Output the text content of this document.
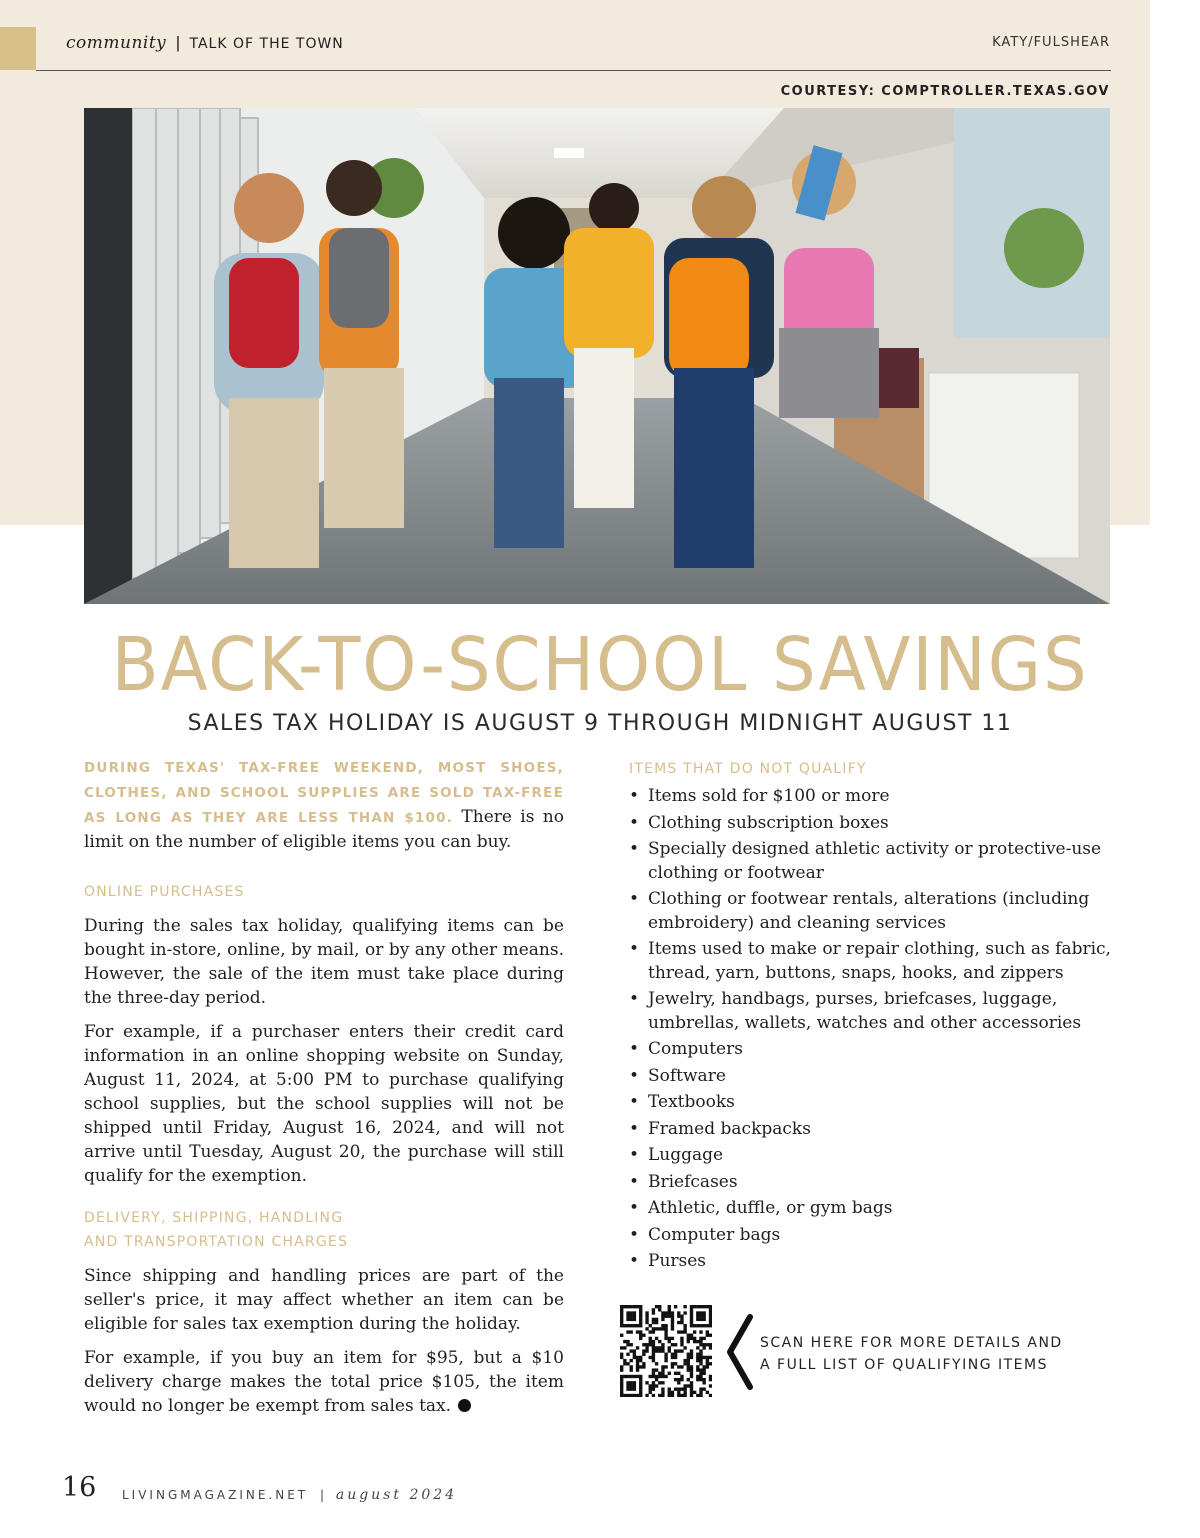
community | TALK OF THE TOWN	KATY/FULSHEAR
COURTESY: COMPTROLLER.TEXAS.GOV
BACK-TO-SCHOOL SAVINGS
SALES TAX HOLIDAY IS AUGUST 9 THROUGH MIDNIGHT AUGUST 11

DURING TEXAS' TAX-FREE WEEKEND, MOST SHOES, CLOTHES, AND SCHOOL SUPPLIES ARE SOLD TAX-FREE AS LONG AS THEY ARE LESS THAN $100. There is no limit on the number of eligible items you can buy.

ONLINE PURCHASES

During the sales tax holiday, qualifying items can be bought in-store, online, by mail, or by any other means. However, the sale of the item must take place during the three-day period.

For example, if a purchaser enters their credit card information in an online shopping website on Sunday, August 11, 2024, at 5:00 PM to purchase qualifying school supplies, but the school supplies will not be shipped until Friday, August 16, 2024, and will not arrive until Tuesday, August 20, the purchase will still qualify for the exemption.

DELIVERY, SHIPPING, HANDLING
AND TRANSPORTATION CHARGES

Since shipping and handling prices are part of the seller's price, it may affect whether an item can be eligible for sales tax exemption during the holiday.

For example, if you buy an item for $95, but a $10 delivery charge makes the total price $105, the item would no longer be exempt from sales tax.

ITEMS THAT DO NOT QUALIFY
• Items sold for $100 or more
• Clothing subscription boxes
• Specially designed athletic activity or protective-use clothing or footwear
• Clothing or footwear rentals, alterations (including embroidery) and cleaning services
• Items used to make or repair clothing, such as fabric, thread, yarn, buttons, snaps, hooks, and zippers
• Jewelry, handbags, purses, briefcases, luggage, umbrellas, wallets, watches and other accessories
• Computers
• Software
• Textbooks
• Framed backpacks
• Luggage
• Briefcases
• Athletic, duffle, or gym bags
• Computer bags
• Purses
SCAN HERE FOR MORE DETAILS AND
A FULL LIST OF QUALIFYING ITEMS
16 LIVINGMAGAZINE.NET | august 2024
